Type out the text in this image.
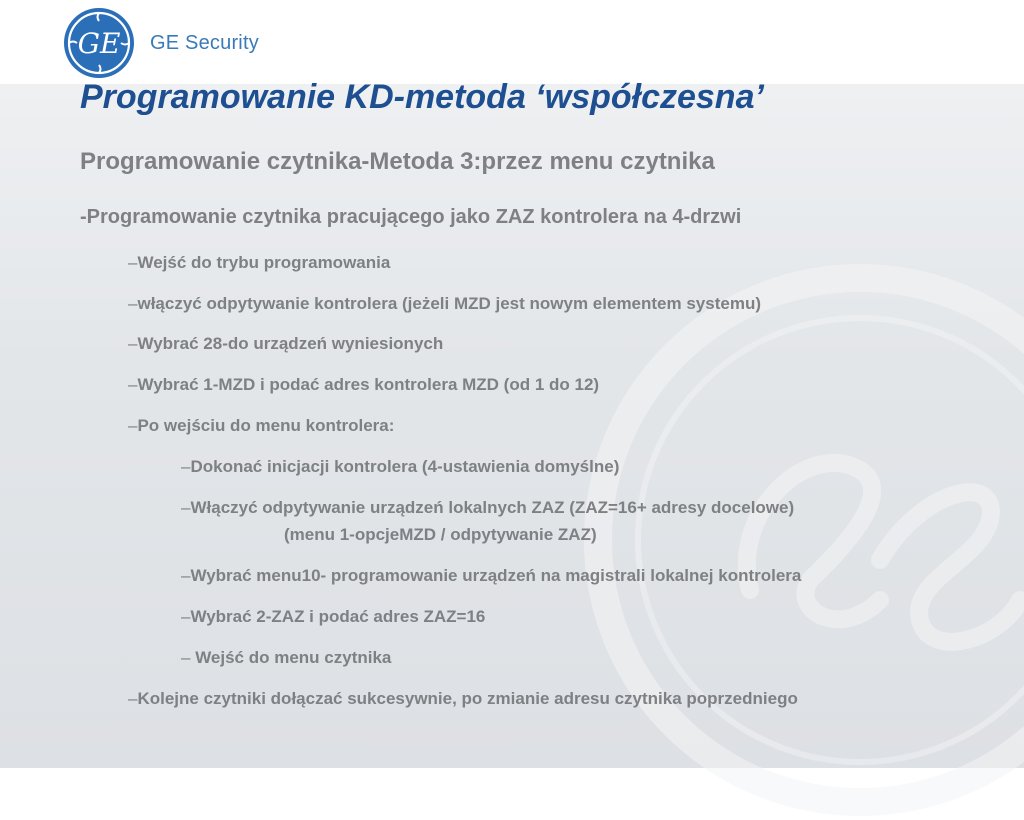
GE GE Security
Programowanie KD-metoda ‘współczesna’
Programowanie czytnika-Metoda 3:przez menu czytnika

-Programowanie czytnika pracującego jako ZAZ kontrolera na 4-drzwi

–Wejść do trybu programowania

–włączyć odpytywanie kontrolera (jeżeli MZD jest nowym elementem systemu)

–Wybrać 28-do urządzeń wyniesionych

–Wybrać 1-MZD i podać adres kontrolera MZD (od 1 do 12)

–Po wejściu do menu kontrolera:

–Dokonać inicjacji kontrolera (4-ustawienia domyślne)

–Włączyć odpytywanie urządzeń lokalnych ZAZ (ZAZ=16+ adresy docelowe)

(menu 1-opcjeMZD / odpytywanie ZAZ)

–Wybrać menu10- programowanie urządzeń na magistrali lokalnej kontrolera

–Wybrać 2-ZAZ i podać adres ZAZ=16

– Wejść do menu czytnika

–Kolejne czytniki dołączać sukcesywnie, po zmianie adresu czytnika poprzedniego
